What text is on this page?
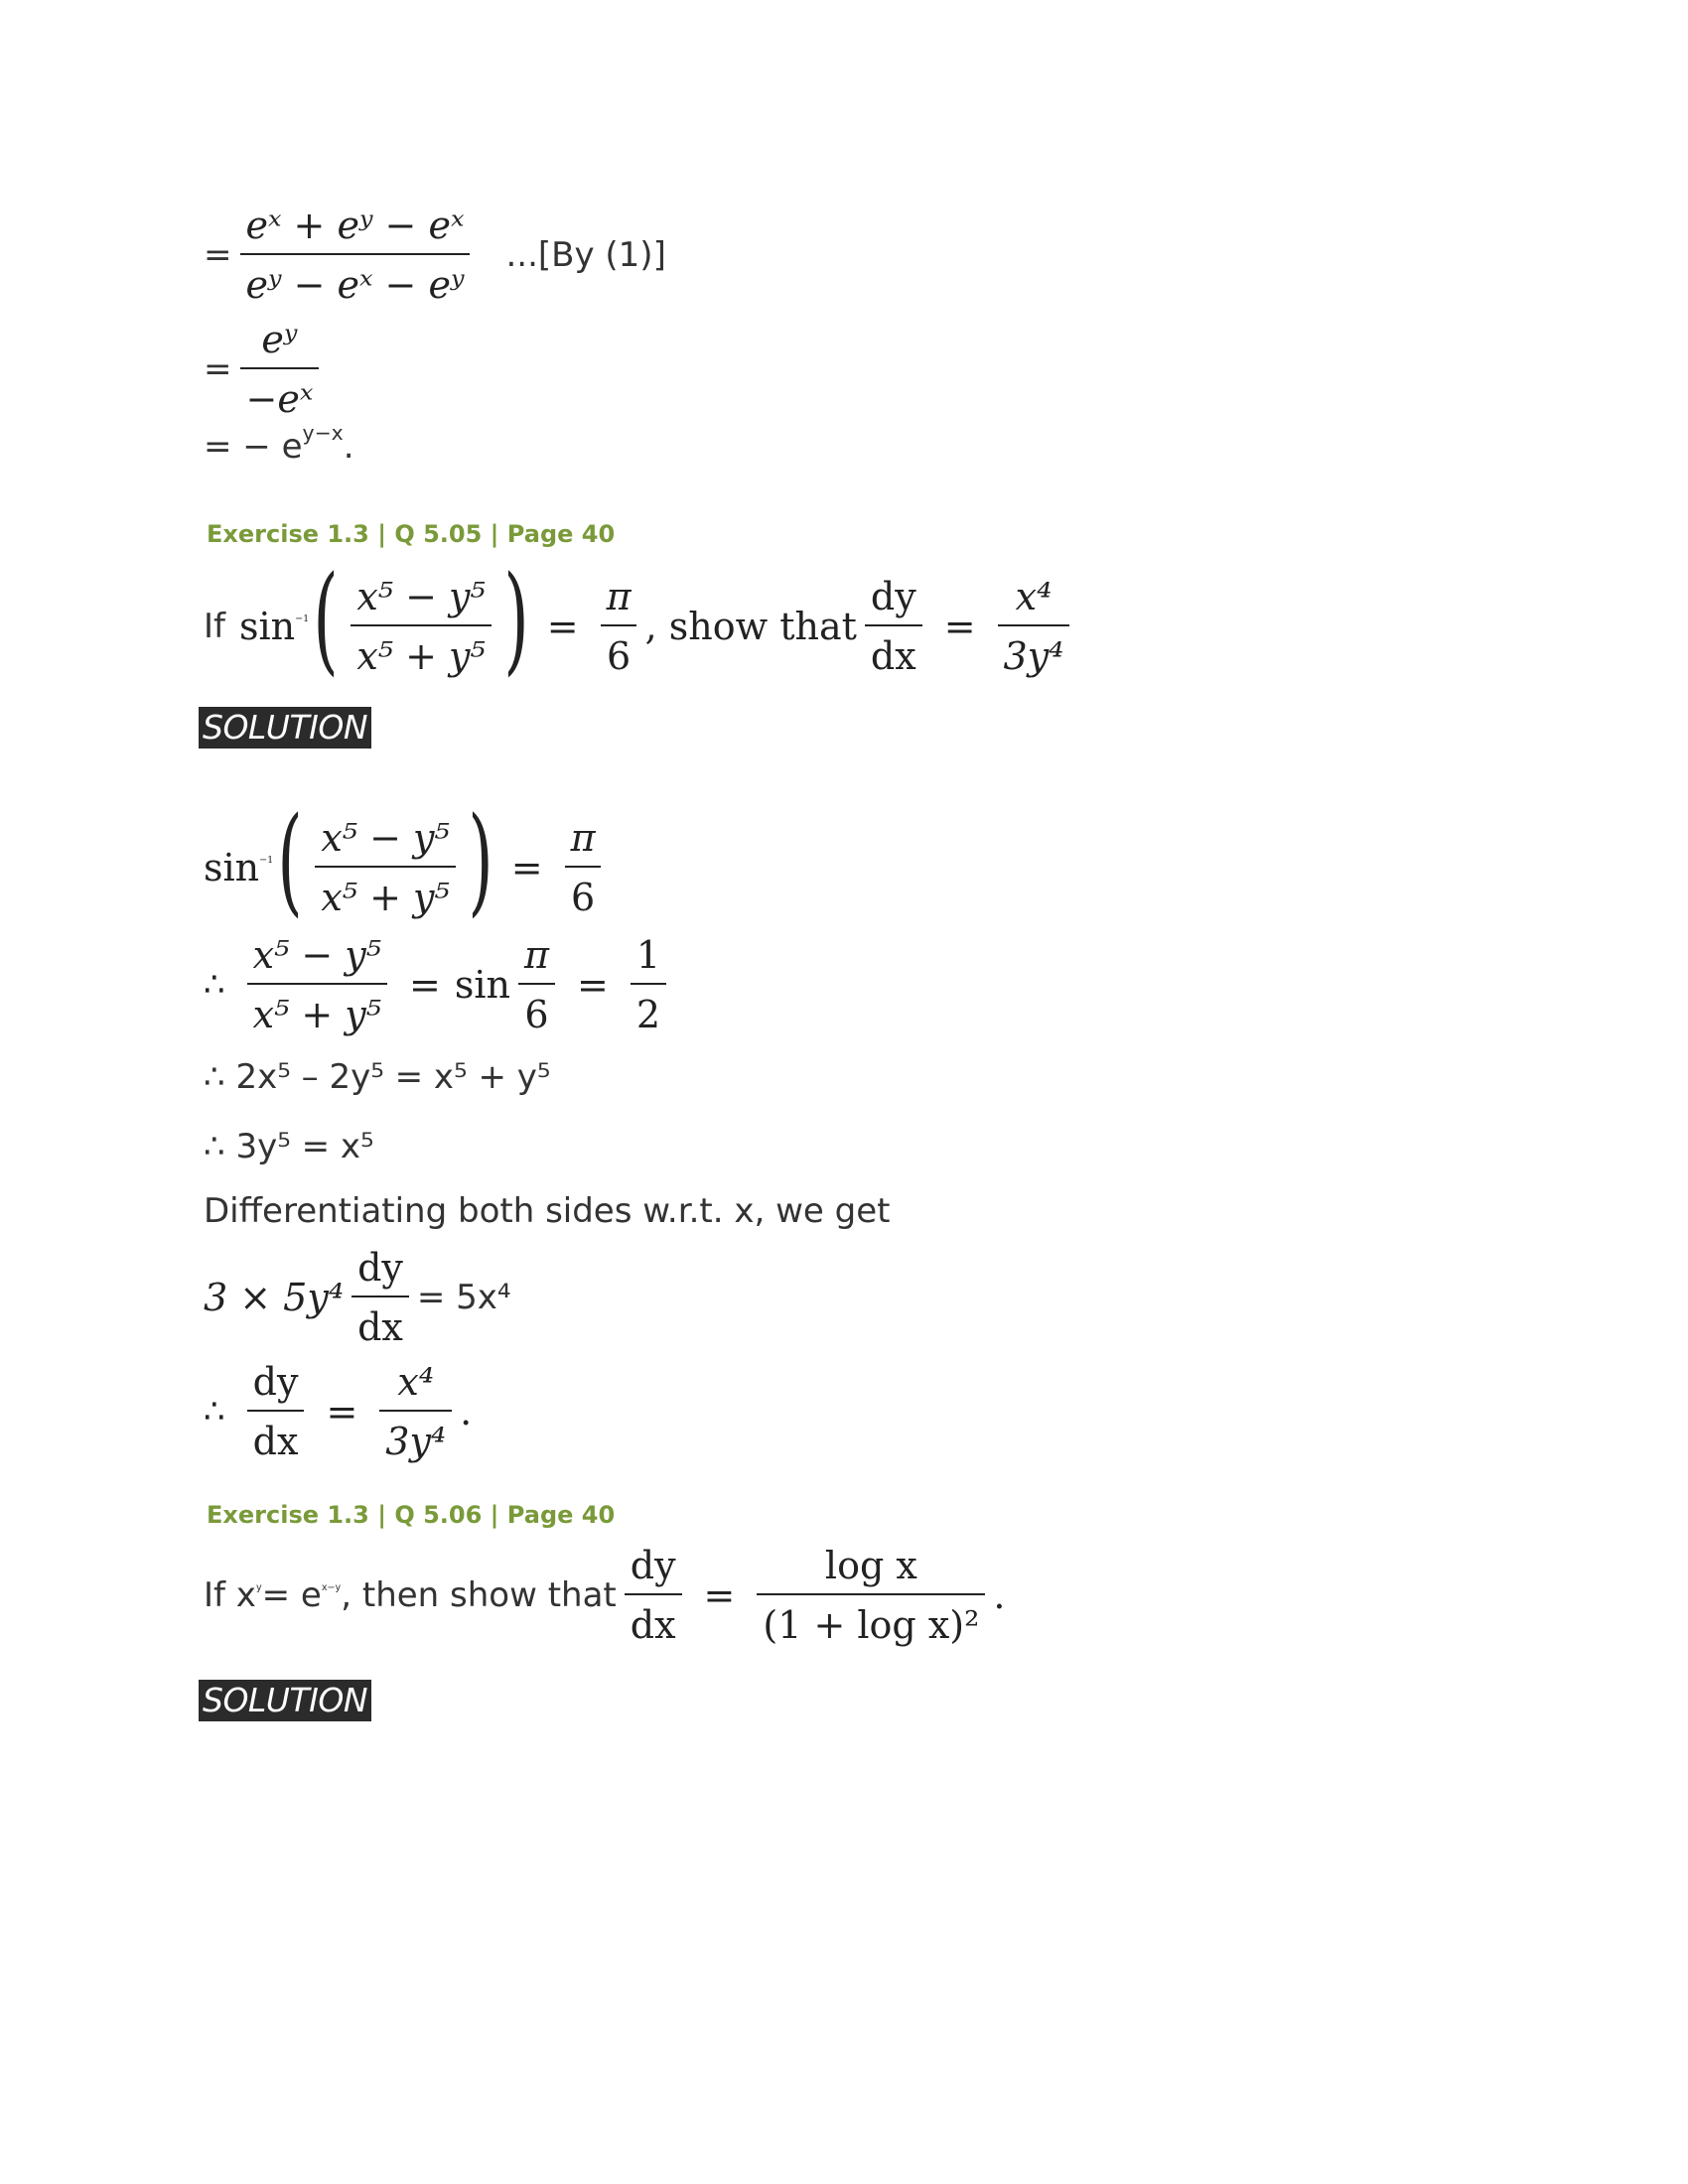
= $\frac{\text{eˣ + eʸ − eˣ}}{\text{eʸ − eˣ − eʸ}} ...[By$ (1)]
= $\frac{\text{eʸ}}{\text{−eˣ}}$
= − e y−x .
Exercise 1.3 | Q 5.05 | Page 40
If sin −1 ( $\frac{\text{x⁵ − y⁵}}{\text{x⁵ + y⁵}}$ ) = $\frac{\pi}{6}$ , show that $\frac{dy}{dx} = \frac{\text{x⁴}}{\text{3y⁴}}$
SOLUTION
sin −1 ( $\frac{\text{x⁵ − y⁵}}{\text{x⁵ + y⁵}}$ ) = $\frac{\pi}{6}$
∴ $\frac{\text{x⁵ − y⁵}}{\text{x⁵ + y⁵}} = \sin \frac{\pi}{6} = \frac{1}{2}$
∴ 2x⁵ – 2y⁵ = x⁵ + y⁵
∴ 3y⁵ = x⁵
Differentiating both sides w.r.t. x, we get
$3 \times 5y^4 \frac{dy}{dx} = 5x^4$
∴ $\frac{dy}{dx} = \frac{\text{x⁴}}{\text{3y⁴}}$ .
Exercise 1.3 | Q 5.06 | Page 40
If x y = e x−y , then show that $\frac{dy}{dx} = \frac{\text{log x}}{\text{(1 + log x)²}}$ .
SOLUTION
